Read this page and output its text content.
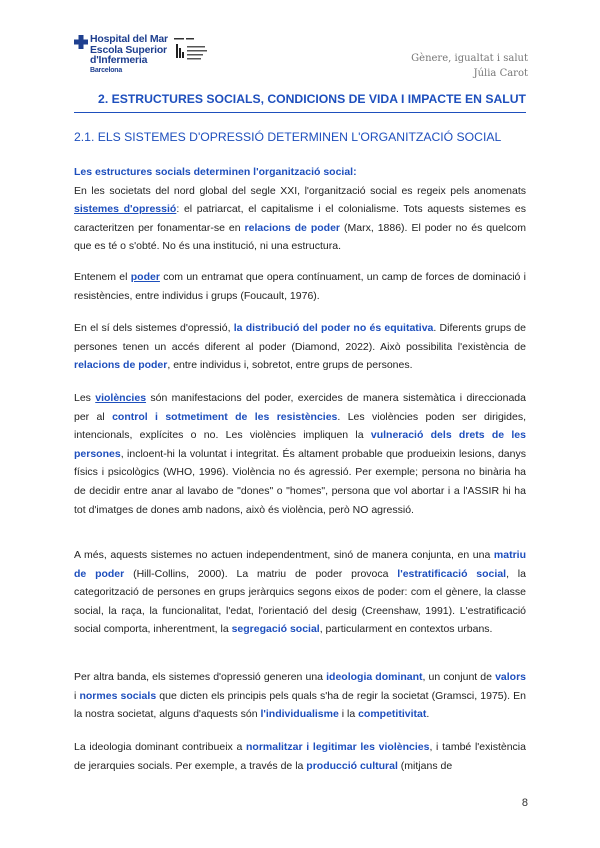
Hospital del Mar
Escola Superior
d'Infermeria
Barcelona
Gènere, igualtat i salut
Júlia Carot
2. ESTRUCTURES SOCIALS, CONDICIONS DE VIDA I IMPACTE EN SALUT
2.1. ELS SISTEMES D'OPRESSIÓ DETERMINEN L'ORGANITZACIÓ SOCIAL
Les estructures socials determinen l'organització social:
En les societats del nord global del segle XXI, l'organització social es regeix pels anomenats sistemes d'opressió: el patriarcat, el capitalisme i el colonialisme. Tots aquests sistemes es caracteritzen per fonamentar-se en relacions de poder (Marx, 1886). El poder no és quelcom que es té o s'obté. No és una institució, ni una estructura.
Entenem el poder com un entramat que opera contínuament, un camp de forces de dominació i resistències, entre individus i grups (Foucault, 1976).
En el sí dels sistemes d'opressió, la distribució del poder no és equitativa. Diferents grups de persones tenen un accés diferent al poder (Diamond, 2022). Això possibilita l'existència de relacions de poder, entre individus i, sobretot, entre grups de persones.
Les violències són manifestacions del poder, exercides de manera sistemàtica i direccionada per al control i sotmetiment de les resistències. Les violències poden ser dirigides, intencionals, explícites o no. Les violències impliquen la vulneració dels drets de les persones, incloent-hi la voluntat i integritat. És altament probable que produeixin lesions, danys físics i psicològics (WHO, 1996). Violència no és agressió. Per exemple; persona no binària ha de decidir entre anar al lavabo de "dones" o "homes", persona que vol abortar i a l'ASSIR hi ha tot d'imatges de dones amb nadons, això és violència, però NO agressió.
A més, aquests sistemes no actuen independentment, sinó de manera conjunta, en una matriu de poder (Hill-Collins, 2000). La matriu de poder provoca l'estratificació social, la categorització de persones en grups jeràrquics segons eixos de poder: com el gènere, la classe social, la raça, la funcionalitat, l'edat, l'orientació del desig (Creenshaw, 1991). L'estratificació social comporta, inherentment, la segregació social, particularment en contextos urbans.
Per altra banda, els sistemes d'opressió generen una ideologia dominant, un conjunt de valors i normes socials que dicten els principis pels quals s'ha de regir la societat (Gramsci, 1975). En la nostra societat, alguns d'aquests són l'individualisme i la competitivitat.
La ideologia dominant contribueix a normalitzar i legitimar les violències, i també l'existència de jerarquies socials. Per exemple, a través de la producció cultural (mitjans de
8
